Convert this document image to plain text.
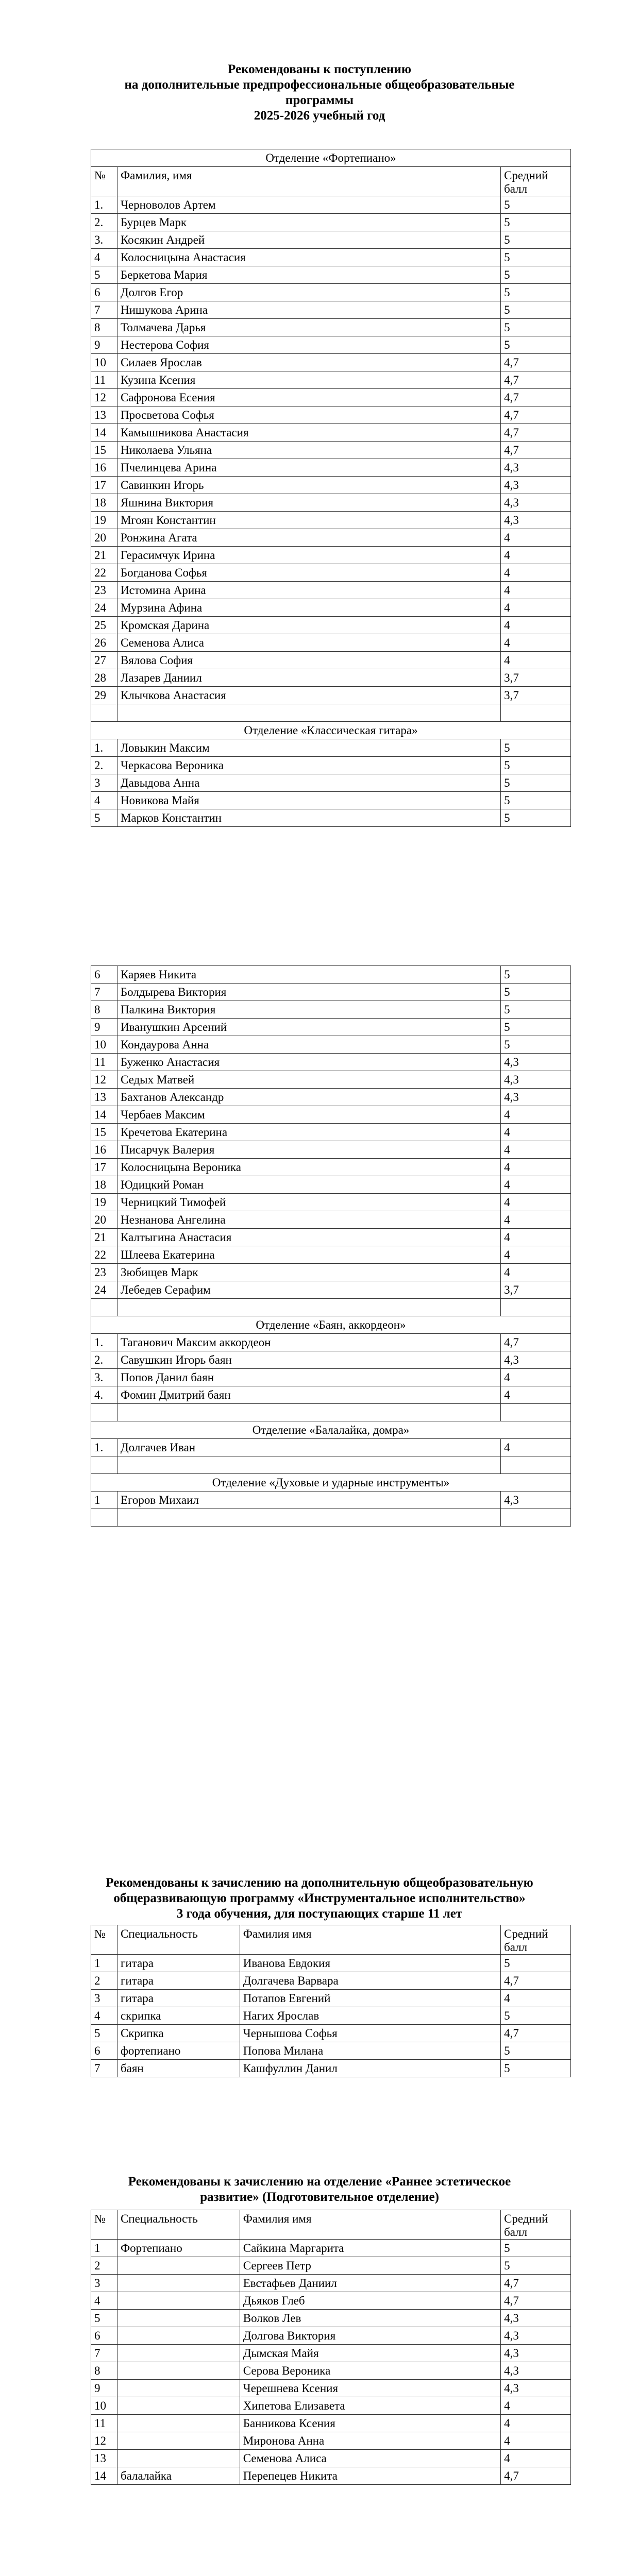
Рекомендованы к поступлению
на дополнительные предпрофессиональные общеобразовательные
программы
2025-2026 учебный год
Отделение «Фортепиано»		
№	Фамилия, имя	Средний балл
1.	Черноволов Артем	5
2.	Бурцев Марк	5
3.	Косякин Андрей	5
4	Колосницына Анастасия	5
5	Беркетова Мария	5
6	Долгов Егор	5
7	Нишукова Арина	5
8	Толмачева Дарья	5
9	Нестерова София	5
10	Силаев Ярослав	4,7
11	Кузина Ксения	4,7
12	Сафронова Есения	4,7
13	Просветова Софья	4,7
14	Камышникова Анастасия	4,7
15	Николаева Ульяна	4,7
16	Пчелинцева Арина	4,3
17	Савинкин Игорь	4,3
18	Яшнина Виктория	4,3
19	Мгоян Константин	4,3
20	Ронжина Агата	4
21	Герасимчук Ирина	4
22	Богданова Софья	4
23	Истомина Арина	4
24	Мурзина Афина	4
25	Кромская Дарина	4
26	Семенова Алиса	4
27	Вялова София	4
28	Лазарев Даниил	3,7
29	Клычкова Анастасия	3,7

Отделение «Классическая гитара»		
1.	Ловыкин Максим	5
2.	Черкасова Вероника	5
3	Давыдова Анна	5
4	Новикова Майя	5
5	Марков Константин	5
6	Каряев Никита	5
7	Болдырева Виктория	5
8	Палкина Виктория	5
9	Иванушкин Арсений	5
10	Кондаурова Анна	5
11	Буженко Анастасия	4,3
12	Седых Матвей	4,3
13	Бахтанов Александр	4,3
14	Чербаев Максим	4
15	Кречетова Екатерина	4
16	Писарчук Валерия	4
17	Колосницына Вероника	4
18	Юдицкий Роман	4
19	Черницкий Тимофей	4
20	Незнанова Ангелина	4
21	Калтыгина Анастасия	4
22	Шлеева Екатерина	4
23	Зюбищев Марк	4
24	Лебедев Серафим	3,7

Отделение «Баян, аккордеон»		
1.	Таганович Максим аккордеон	4,7
2.	Савушкин Игорь баян	4,3
3.	Попов Данил баян	4
4.	Фомин Дмитрий баян	4

Отделение «Балалайка, домра»		
1.	Долгачев Иван	4

Отделение «Духовые и ударные инструменты»		
1	Егоров Михаил	4,3

Рекомендованы к зачислению на дополнительную общеобразовательную
общеразвивающую программу «Инструментальное исполнительство»
3 года обучения, для поступающих старше 11 лет
№	Специальность	Фамилия имя	Средний балл
1	гитара	Иванова Евдокия	5
2	гитара	Долгачева Варвара	4,7
3	гитара	Потапов Евгений	4
4	скрипка	Нагих Ярослав	5
5	Скрипка	Чернышова Софья	4,7
6	фортепиано	Попова Милана	5
7	баян	Кашфуллин Данил	5
Рекомендованы к зачислению на отделение «Раннее эстетическое
развитие» (Подготовительное отделение)
№	Специальность	Фамилия имя	Средний балл
1	Фортепиано	Сайкина Маргарита	5
2		Сергеев Петр	5
3		Евстафьев Даниил	4,7
4		Дьяков Глеб	4,7
5		Волков Лев	4,3
6		Долгова Виктория	4,3
7		Дымская Майя	4,3
8		Серова Вероника	4,3
9		Черешнева Ксения	4,3
10		Хипетова Елизавета	4
11		Банникова Ксения	4
12		Миронова Анна	4
13		Семенова Алиса	4
14	балалайка	Перепецев Никита	4,7
